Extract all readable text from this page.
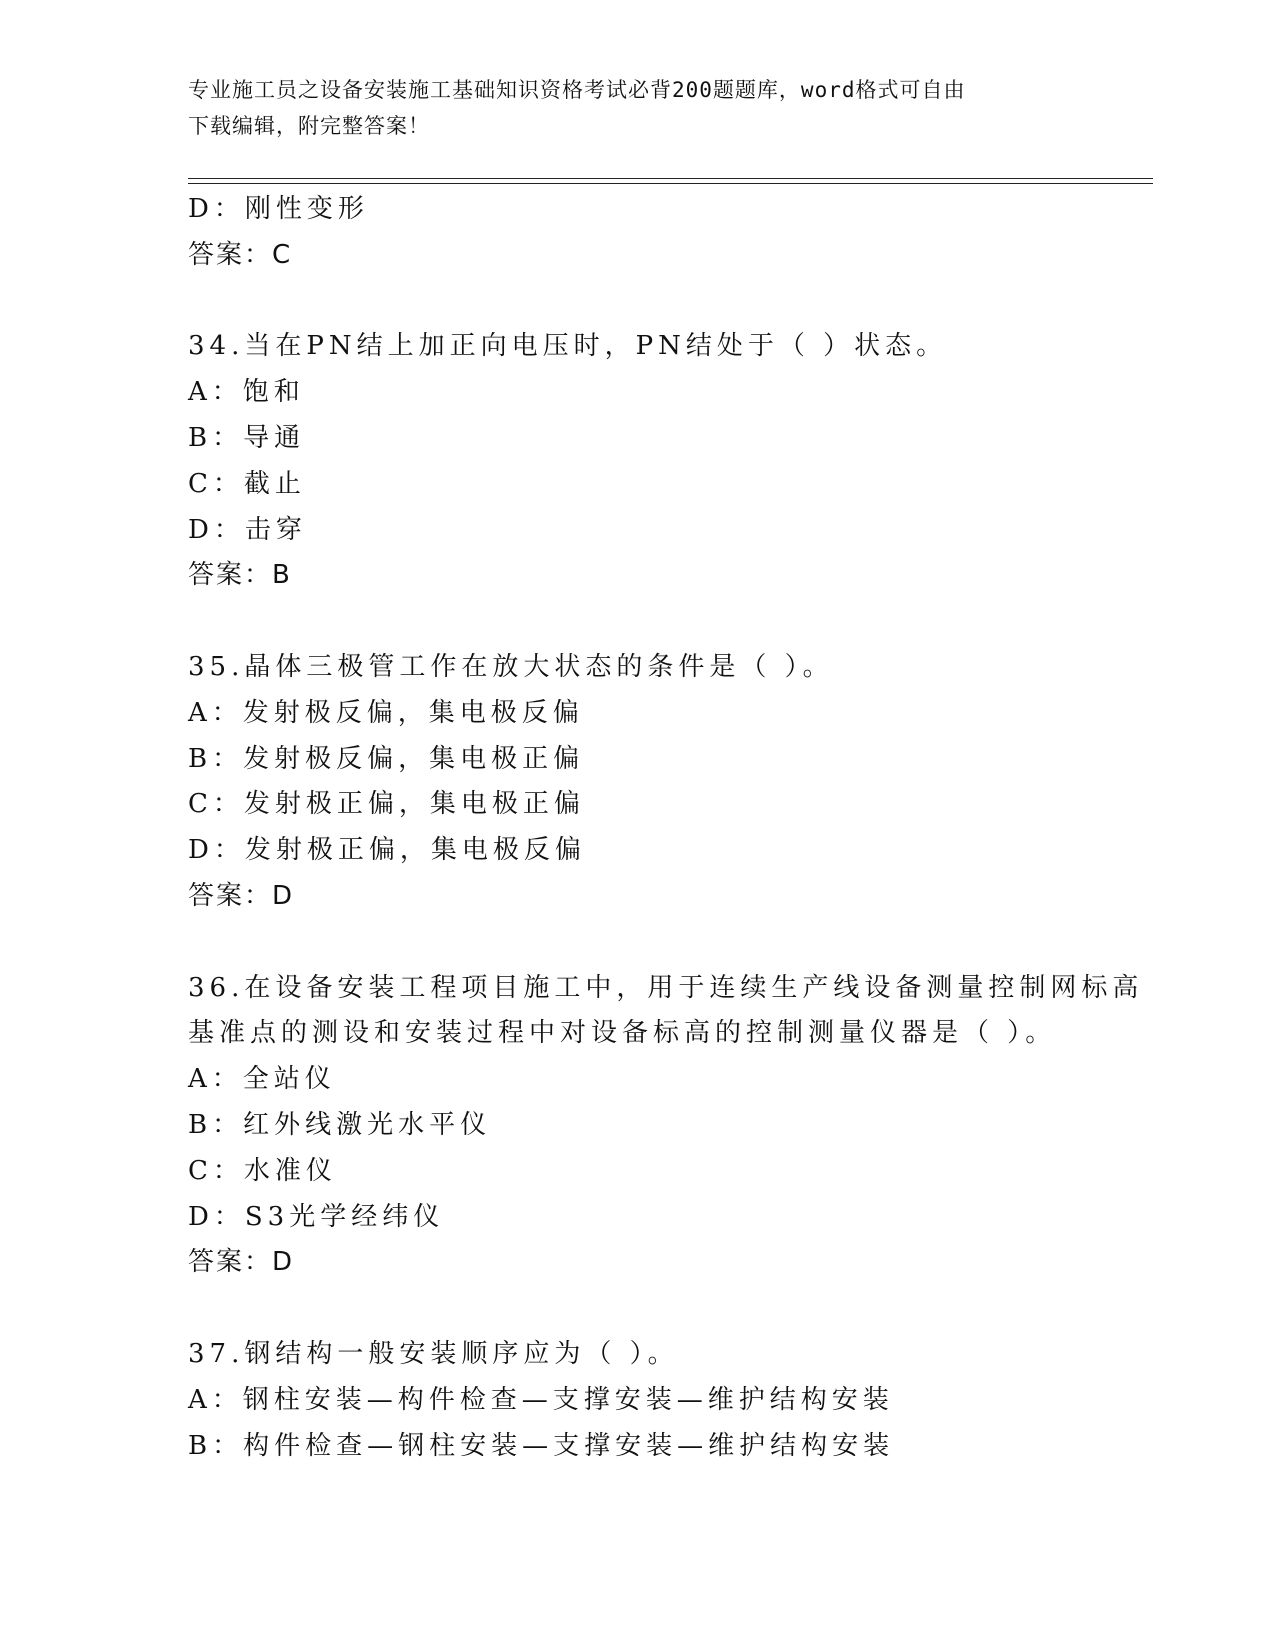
专业施工员之设备安装施工基础知识资格考试必背200题题库，word格式可自由
下载编辑，附完整答案！
D：刚性变形
答案：C
34.当在PN结上加正向电压时，PN结处于（ ）状态。
A：饱和
B：导通
C：截止
D：击穿
答案：B
35.晶体三极管工作在放大状态的条件是（ ）。
A：发射极反偏，集电极反偏
B：发射极反偏，集电极正偏
C：发射极正偏，集电极正偏
D：发射极正偏，集电极反偏
答案：D
36.在设备安装工程项目施工中，用于连续生产线设备测量控制网标高
基准点的测设和安装过程中对设备标高的控制测量仪器是（ ）。
A：全站仪
B：红外线激光水平仪
C：水准仪
D：S3光学经纬仪
答案：D
37.钢结构一般安装顺序应为（ ）。
A：钢柱安装—构件检查—支撑安装—维护结构安装
B：构件检查—钢柱安装—支撑安装—维护结构安装
